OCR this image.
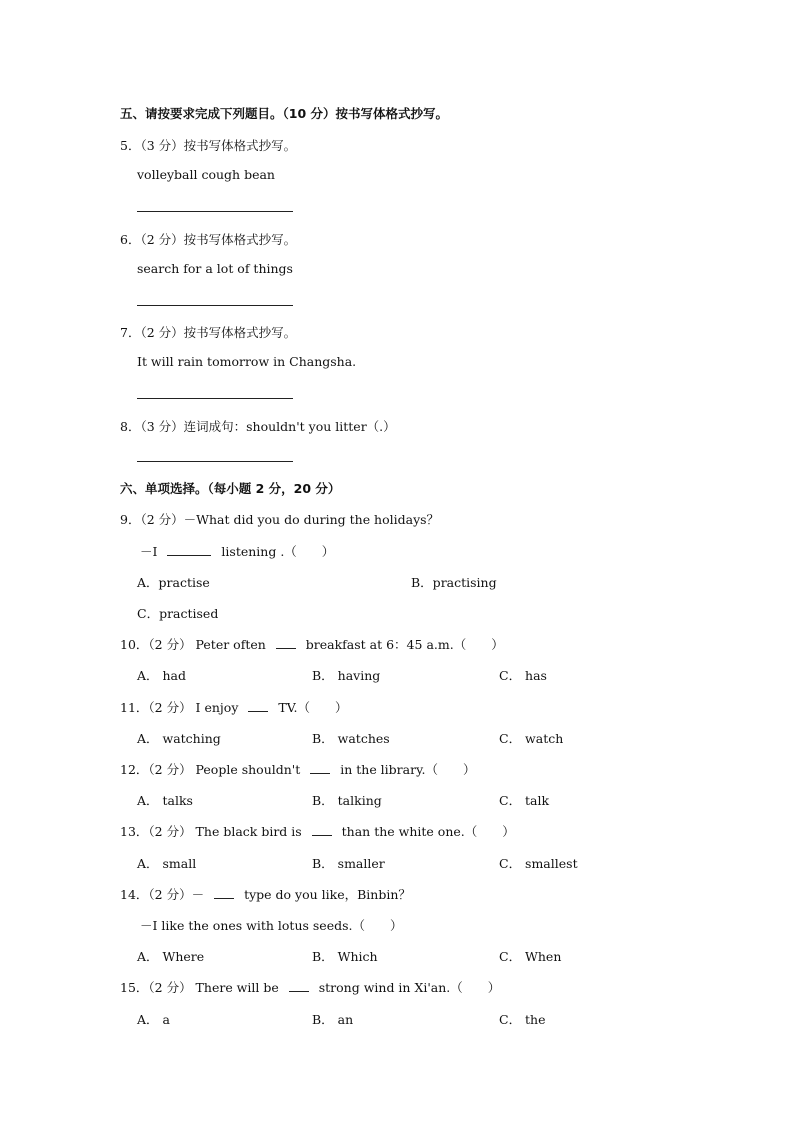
五、请按要求完成下列题目。（10 分）按书写体格式抄写。
5．（3 分）按书写体格式抄写。
volleyball cough bean
6．（2 分）按书写体格式抄写。
search for a lot of things
7．（2 分）按书写体格式抄写。
It will rain tomorrow in Changsha.
8．（3 分）连词成句：shouldn't you litter（.）
六、单项选择。（每小题 2 分，20 分）
9．（2 分）－What did you do during the holidays？
－I	listening .（　　）
A．practise	B．practising
C．practised
10．（2 分） Peter often	breakfast at 6：45 a.m.（　　）
A． had	B． having	C． has
11．（2 分） I enjoy	TV.（　　）
A． watching	B． watches	C． watch
12．（2 分） People shouldn't	in the library.（　　）
A． talks	B． talking	C． talk
13．（2 分） The black bird is	than the white one.（　　）
A． small	B． smaller	C． smallest
14．（2 分）－	type do you like，Binbin？
－I like the ones with lotus seeds.（　　）
A． Where	B． Which	C． When
15．（2 分） There will be	strong wind in Xi'an.（　　）
A． a	B． an	C． the
